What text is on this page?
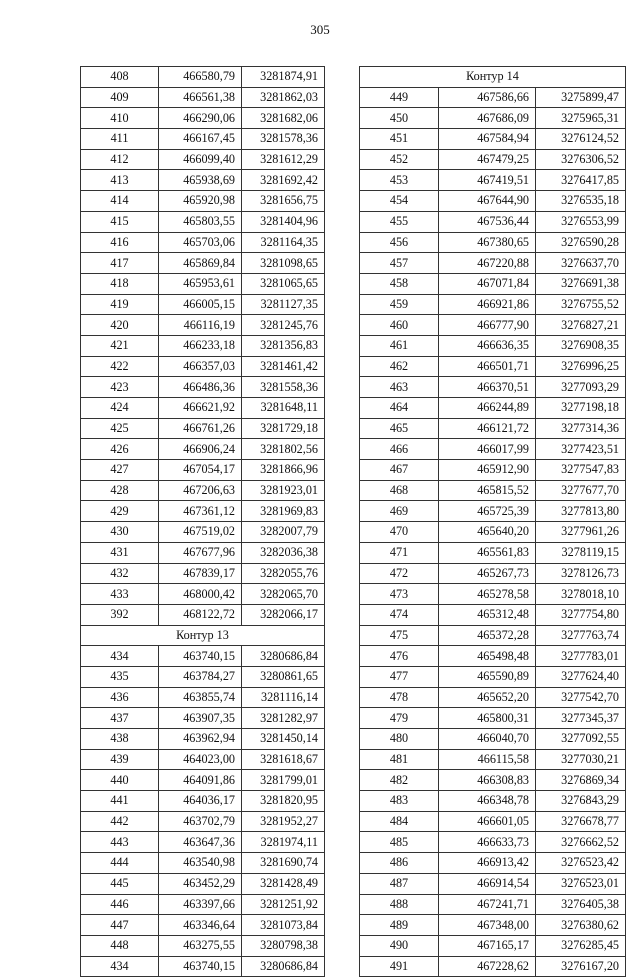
305
408	466580,79	3281874,91
409	466561,38	3281862,03
410	466290,06	3281682,06
411	466167,45	3281578,36
412	466099,40	3281612,29
413	465938,69	3281692,42
414	465920,98	3281656,75
415	465803,55	3281404,96
416	465703,06	3281164,35
417	465869,84	3281098,65
418	465953,61	3281065,65
419	466005,15	3281127,35
420	466116,19	3281245,76
421	466233,18	3281356,83
422	466357,03	3281461,42
423	466486,36	3281558,36
424	466621,92	3281648,11
425	466761,26	3281729,18
426	466906,24	3281802,56
427	467054,17	3281866,96
428	467206,63	3281923,01
429	467361,12	3281969,83
430	467519,02	3282007,79
431	467677,96	3282036,38
432	467839,17	3282055,76
433	468000,42	3282065,70
392	468122,72	3282066,17
Контур 13		
434	463740,15	3280686,84
435	463784,27	3280861,65
436	463855,74	3281116,14
437	463907,35	3281282,97
438	463962,94	3281450,14
439	464023,00	3281618,67
440	464091,86	3281799,01
441	464036,17	3281820,95
442	463702,79	3281952,27
443	463647,36	3281974,11
444	463540,98	3281690,74
445	463452,29	3281428,49
446	463397,66	3281251,92
447	463346,64	3281073,84
448	463275,55	3280798,38
434	463740,15	3280686,84
Контур 14		
449	467586,66	3275899,47
450	467686,09	3275965,31
451	467584,94	3276124,52
452	467479,25	3276306,52
453	467419,51	3276417,85
454	467644,90	3276535,18
455	467536,44	3276553,99
456	467380,65	3276590,28
457	467220,88	3276637,70
458	467071,84	3276691,38
459	466921,86	3276755,52
460	466777,90	3276827,21
461	466636,35	3276908,35
462	466501,71	3276996,25
463	466370,51	3277093,29
464	466244,89	3277198,18
465	466121,72	3277314,36
466	466017,99	3277423,51
467	465912,90	3277547,83
468	465815,52	3277677,70
469	465725,39	3277813,80
470	465640,20	3277961,26
471	465561,83	3278119,15
472	465267,73	3278126,73
473	465278,58	3278018,10
474	465312,48	3277754,80
475	465372,28	3277763,74
476	465498,48	3277783,01
477	465590,89	3277624,40
478	465652,20	3277542,70
479	465800,31	3277345,37
480	466040,70	3277092,55
481	466115,58	3277030,21
482	466308,83	3276869,34
483	466348,78	3276843,29
484	466601,05	3276678,77
485	466633,73	3276662,52
486	466913,42	3276523,42
487	466914,54	3276523,01
488	467241,71	3276405,38
489	467348,00	3276380,62
490	467165,17	3276285,45
491	467228,62	3276167,20
